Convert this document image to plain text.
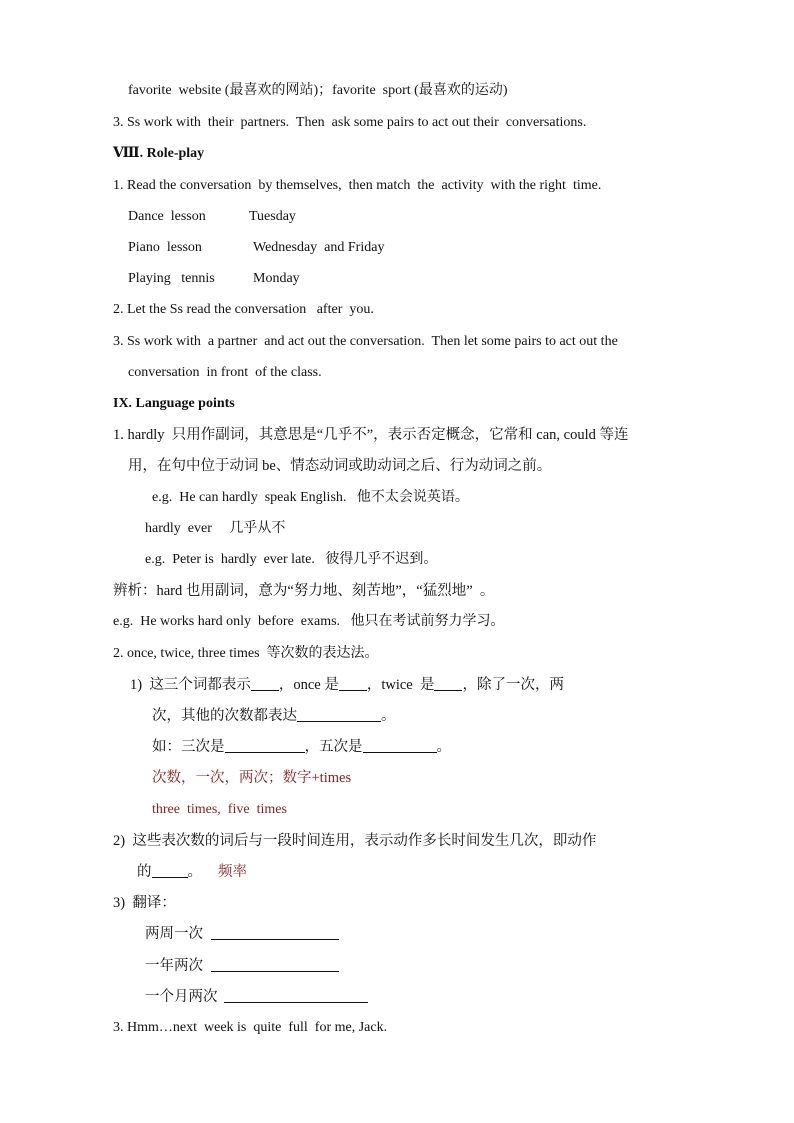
favorite  website (最喜欢的网站)；favorite  sport (最喜欢的运动)
3. Ss work with  their  partners.  Then  ask some pairs to act out their  conversations.
Ⅷ. Role-play
1. Read the conversation  by themselves,  then match  the  activity  with the right  time.
Dance  lesson	Tuesday
Piano  lesson	Wednesday  and Friday
Playing   tennis	Monday
2. Let the Ss read the conversation   after  you.
3. Ss work with  a partner  and act out the conversation.  Then let some pairs to act out the
conversation  in front  of the class.
IX. Language points
1. hardly  只用作副词，其意思是“几乎不”，表示否定概念，它常和 can, could 等连
用，在句中位于动词 be、情态动词或助动词之后、行为动词之前。
e.g.  He can hardly  speak English.   他不太会说英语。
hardly  ever     几乎从不
e.g.  Peter is  hardly  ever late.   彼得几乎不迟到。
辨析：hard 也用副词，意为“努力地、刻苦地”，“猛烈地”  。
e.g.  He works hard only  before  exams.   他只在考试前努力学习。
2. once, twice, three times  等次数的表达法。
1)  这三个词都表示 ，once 是 ，twice  是 ，除了一次，两
次，其他的次数都表达	。
如：三次是	，五次是	。
次数，一次，两次；数字+times
three  times,  five  times
2)  这些表次数的词后与一段时间连用，表示动作多长时间发生几次，即动作
的 。 频率
3)  翻译：
两周一次
一年两次
一个月两次
3. Hmm…next  week is  quite  full  for me, Jack.
